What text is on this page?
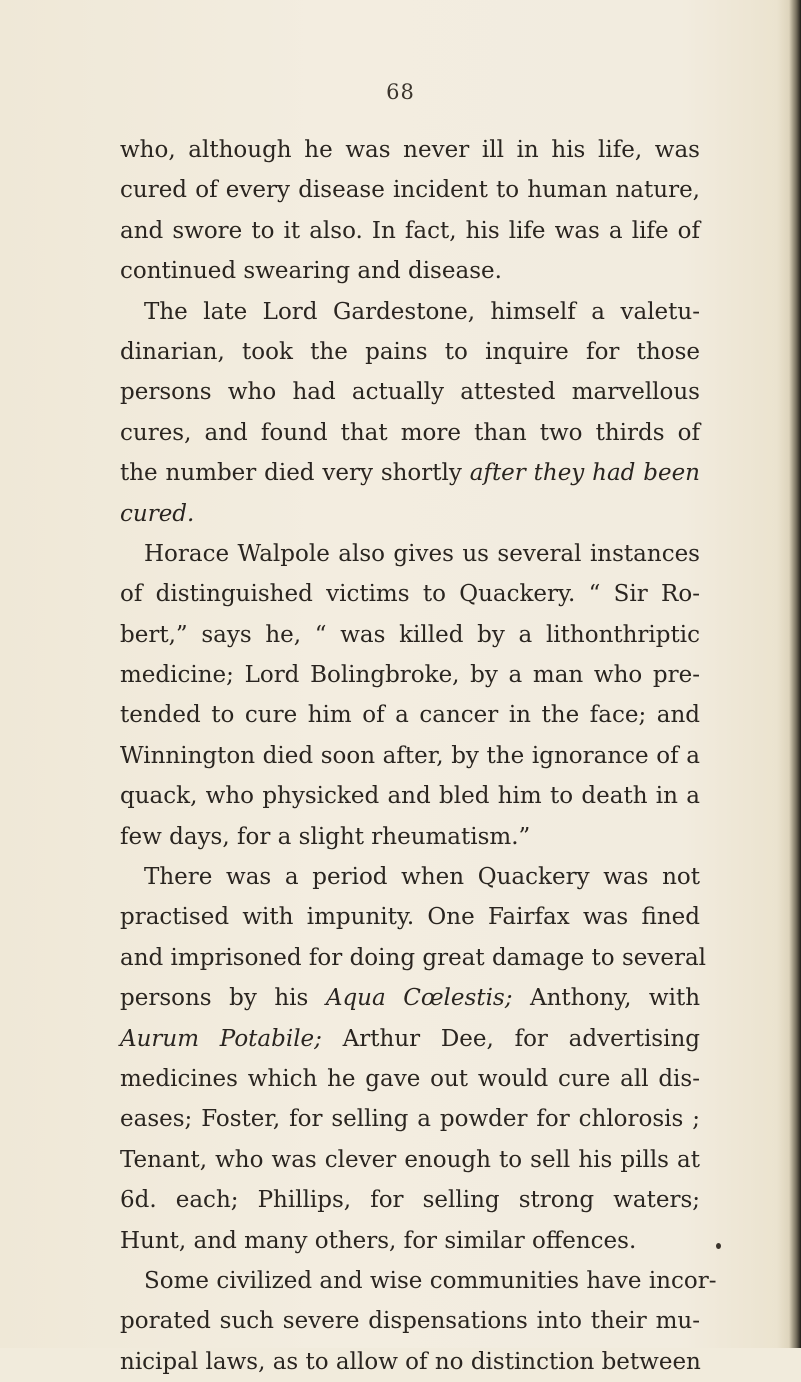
68
who, although he was never ill in his life, was
cured of every disease incident to human nature,
and swore to it also. In fact, his life was a life of
continued swearing and disease.
The late Lord Gardestone, himself a valetu-
dinarian, took the pains to inquire for those
persons who had actually attested marvellous
cures, and found that more than two thirds of
the number died very shortly after they had been
cured.
Horace Walpole also gives us several instances
of distinguished victims to Quackery. “ Sir Ro-
bert,” says he, “ was killed by a lithonthriptic
medicine; Lord Bolingbroke, by a man who pre-
tended to cure him of a cancer in the face; and
Winnington died soon after, by the ignorance of a
quack, who physicked and bled him to death in a
few days, for a slight rheumatism.”
There was a period when Quackery was not
practised with impunity. One Fairfax was fined
and imprisoned for doing great damage to several
persons by his Aqua Cœlestis; Anthony, with
Aurum Potabile; Arthur Dee, for advertising
medicines which he gave out would cure all dis-
eases; Foster, for selling a powder for chlorosis ;
Tenant, who was clever enough to sell his pills at
6d. each; Phillips, for selling strong waters;
Hunt, and many others, for similar offences.
Some civilized and wise communities have incor-
porated such severe dispensations into their mu-
nicipal laws, as to allow of no distinction between
